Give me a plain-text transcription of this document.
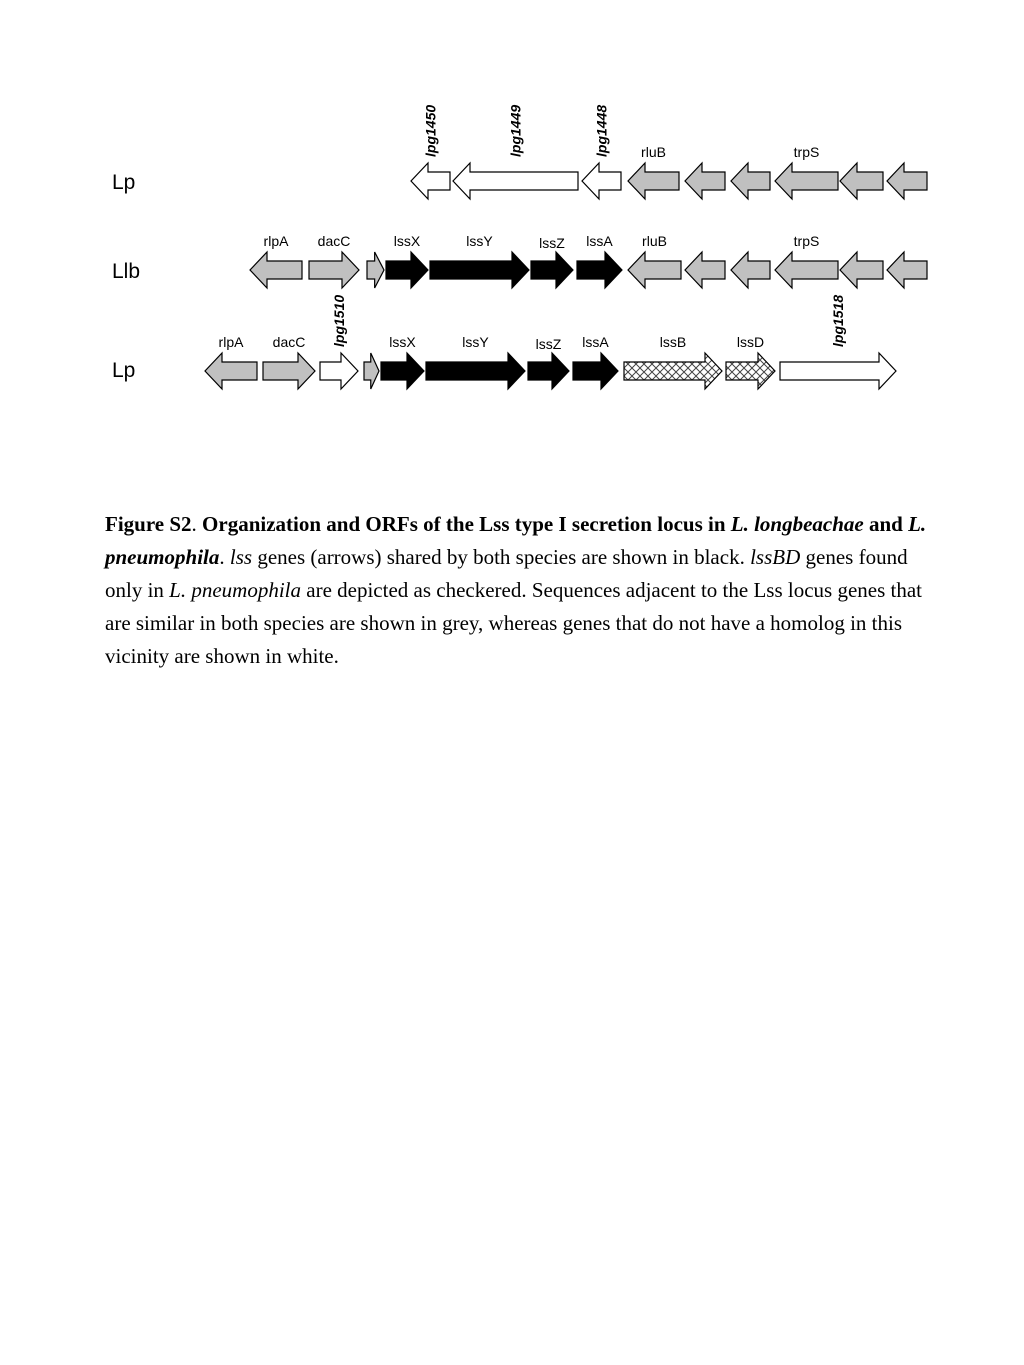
Lp
Llb
Lp
lpg1450	lpg1449	lpg1448 rluB	trpS
rlpA dacC	lssX	lssY	lssZ lssA rluB	trpS
rlpA dacC lpg1510	lssX	lssY	lssZ lssA	lssB	lssD	lpg1518
Figure S2. Organization and ORFs of the Lss type I secretion locus in L. longbeachae and L. pneumophila. lss genes (arrows) shared by both species are shown in black. lssBD genes found only in L. pneumophila are depicted as checkered. Sequences adjacent to the Lss locus genes that are similar in both species are shown in grey, whereas genes that do not have a homolog in this vicinity are shown in white.
